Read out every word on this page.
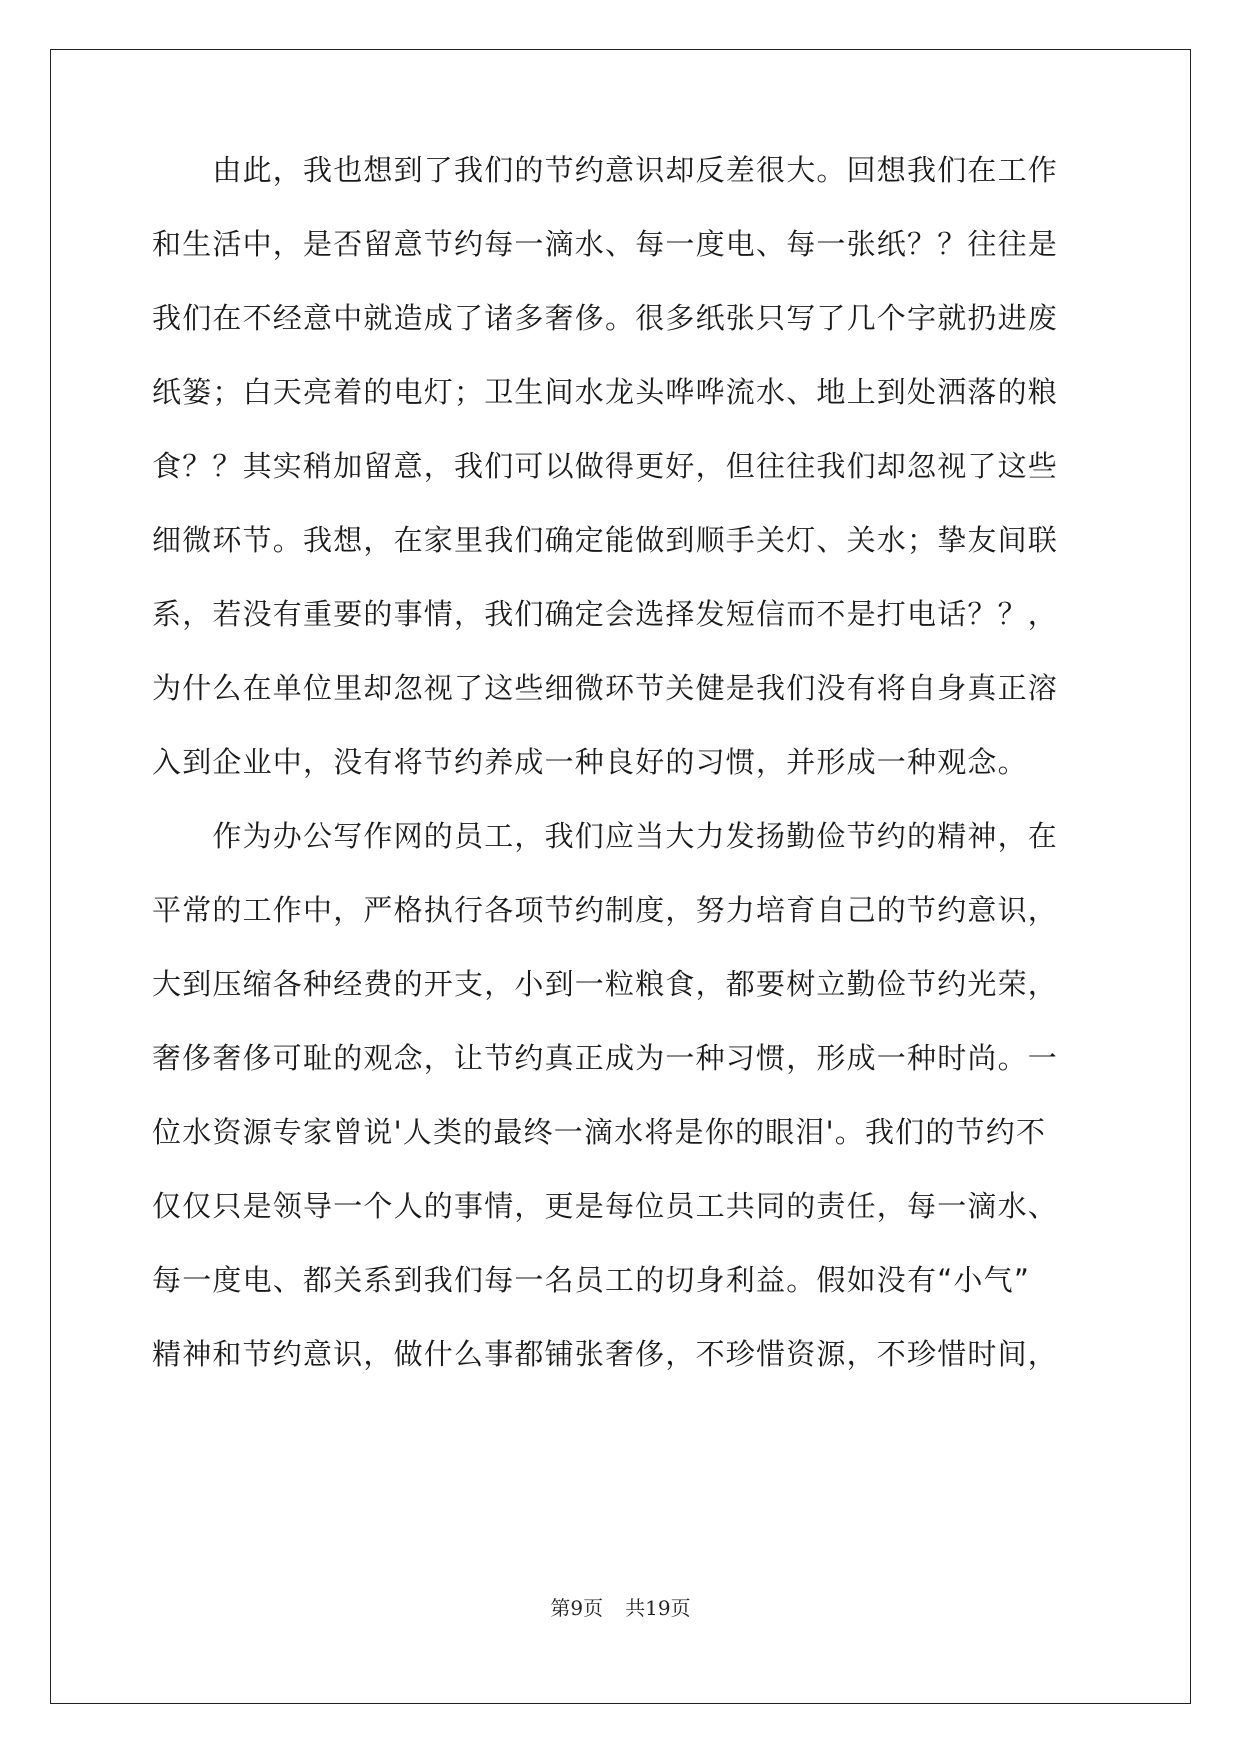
　　由此，我也想到了我们的节约意识却反差很大。回想我们在工作
和生活中，是否留意节约每一滴水、每一度电、每一张纸？？往往是
我们在不经意中就造成了诸多奢侈。很多纸张只写了几个字就扔进废
纸篓；白天亮着的电灯；卫生间水龙头哗哗流水、地上到处洒落的粮
食？？其实稍加留意，我们可以做得更好，但往往我们却忽视了这些
细微环节。我想，在家里我们确定能做到顺手关灯、关水；挚友间联
系，若没有重要的事情，我们确定会选择发短信而不是打电话？？，
为什么在单位里却忽视了这些细微环节关健是我们没有将自身真正溶
入到企业中，没有将节约养成一种良好的习惯，并形成一种观念。
　　作为办公写作网的员工，我们应当大力发扬勤俭节约的精神，在
平常的工作中，严格执行各项节约制度，努力培育自己的节约意识，
大到压缩各种经费的开支，小到一粒粮食，都要树立勤俭节约光荣，
奢侈奢侈可耻的观念，让节约真正成为一种习惯，形成一种时尚。一
位水资源专家曾说'人类的最终一滴水将是你的眼泪'。我们的节约不
仅仅只是领导一个人的事情，更是每位员工共同的责任，每一滴水、
每一度电、都关系到我们每一名员工的切身利益。假如没有“小气”
精神和节约意识，做什么事都铺张奢侈，不珍惜资源，不珍惜时间，
第9页 共19页
